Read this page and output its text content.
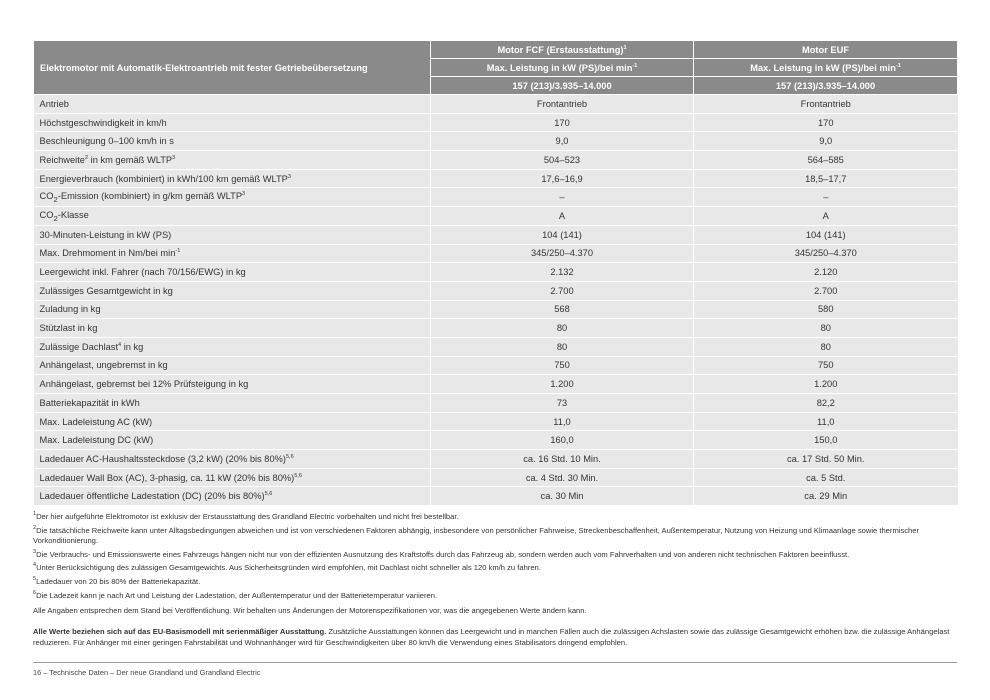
Elektromotor mit Automatik-Elektroantrieb mit fester Getriebeübersetzung	Motor FCF (Erstausstattung)$^1$	Motor EUF
	Max. Leistung in kW (PS)/bei $\min^{-1}$	Max. Leistung in kW (PS)/bei $\min^{-1}$
	157 (213)/3.935–14.000	157 (213)/3.935–14.000
Antrieb	Frontantrieb	Frontantrieb
Höchstgeschwindigkeit in km/h	170	170
Beschleunigung 0–100 km/h in s	9,0	9,0
Reichweite$^2$ in km gemäß WLTP$^3$	504–523	564–585
Energieverbrauch (kombiniert) in kWh/100 km gemäß WLTP$^3$	17,6–16,9	18,5–17,7
$CO_2$-Emission (kombiniert) in g/km gemäß WLTP$^3$	–	–
$CO_2$-Klasse	A	A
30-Minuten-Leistung in kW (PS)	104 (141)	104 (141)
Max. Drehmoment in Nm/bei $\min^{-1}$	345/250–4.370	345/250–4.370
Leergewicht inkl. Fahrer (nach 70/156/EWG) in kg	2.132	2.120
Zulässiges Gesamtgewicht in kg	2.700	2.700
Zuladung in kg	568	580
Stützlast in kg	80	80
Zulässige Dachlast$^4$ in kg	80	80
Anhängelast, ungebremst in kg	750	750
Anhängelast, gebremst bei 12% Prüfsteigung in kg	1.200	1.200
Batteriekapazität in kWh	73	82,2
Max. Ladeleistung AC (kW)	11,0	11,0
Max. Ladeleistung DC (kW)	160,0	150,0
Ladedauer AC-Haushaltssteckdose (3,2 kW) (20% bis 80%)$^{5,6}$	ca. 16 Std. 10 Min.	ca. 17 Std. 50 Min.
Ladedauer Wall Box (AC), 3-phasig, ca. 11 kW (20% bis 80%)$^{5,6}$	ca. 4 Std. 30 Min.	ca. 5 Std.
Ladedauer öffentliche Ladestation (DC) (20% bis 80%)$^{5,6}$	ca. 30 Min	ca. 29 Min
$^1$Der hier aufgeführte Elektromotor ist exklusiv der Erstausstattung des Grandland Electric vorbehalten und nicht frei bestellbar.
$^2$Die tatsächliche Reichweite kann unter Alltagsbedingungen abweichen und ist von verschiedenen Faktoren abhängig, insbesondere von persönlicher Fahrweise, Streckenbeschaffenheit, Außentemperatur, Nutzung von Heizung und Klimaanlage sowie thermischer Vorkonditionierung.
$^3$Die Verbrauchs- und Emissionswerte eines Fahrzeugs hängen nicht nur von der effizienten Ausnutzung des Kraftstoffs durch das Fahrzeug ab, sondern werden auch vom Fahrverhalten und von anderen nicht technischen Faktoren beeinflusst.
$^4$Unter Berücksichtigung des zulässigen Gesamtgewichts. Aus Sicherheitsgründen wird empfohlen, mit Dachlast nicht schneller als 120 km/h zu fahren.
$^5$Ladedauer von 20 bis 80% der Batteriekapazität.
$^6$Die Ladezeit kann je nach Art und Leistung der Ladestation, der Außentemperatur und der Batterietemperatur variieren.
Alle Angaben entsprechen dem Stand bei Veröffentlichung. Wir behalten uns Änderungen der Motorenspezifikationen vor, was die angegebenen Werte ändern kann.
Alle Werte beziehen sich auf das EU-Basismodell mit serienmäßiger Ausstattung. Zusätzliche Ausstattungen können das Leergewicht und in manchen Fällen auch die zulässigen Achslasten sowie das zulässige Gesamtgewicht erhöhen bzw. die zulässige Anhängelast reduzieren. Für Anhänger mit einer geringen Fahrstabilität und Wohnanhänger wird für Geschwindigkeiten über 80 km/h die Verwendung eines Stabilisators dringend empfohlen.
16 – Technische Daten – Der neue Grandland und Grandland Electric
